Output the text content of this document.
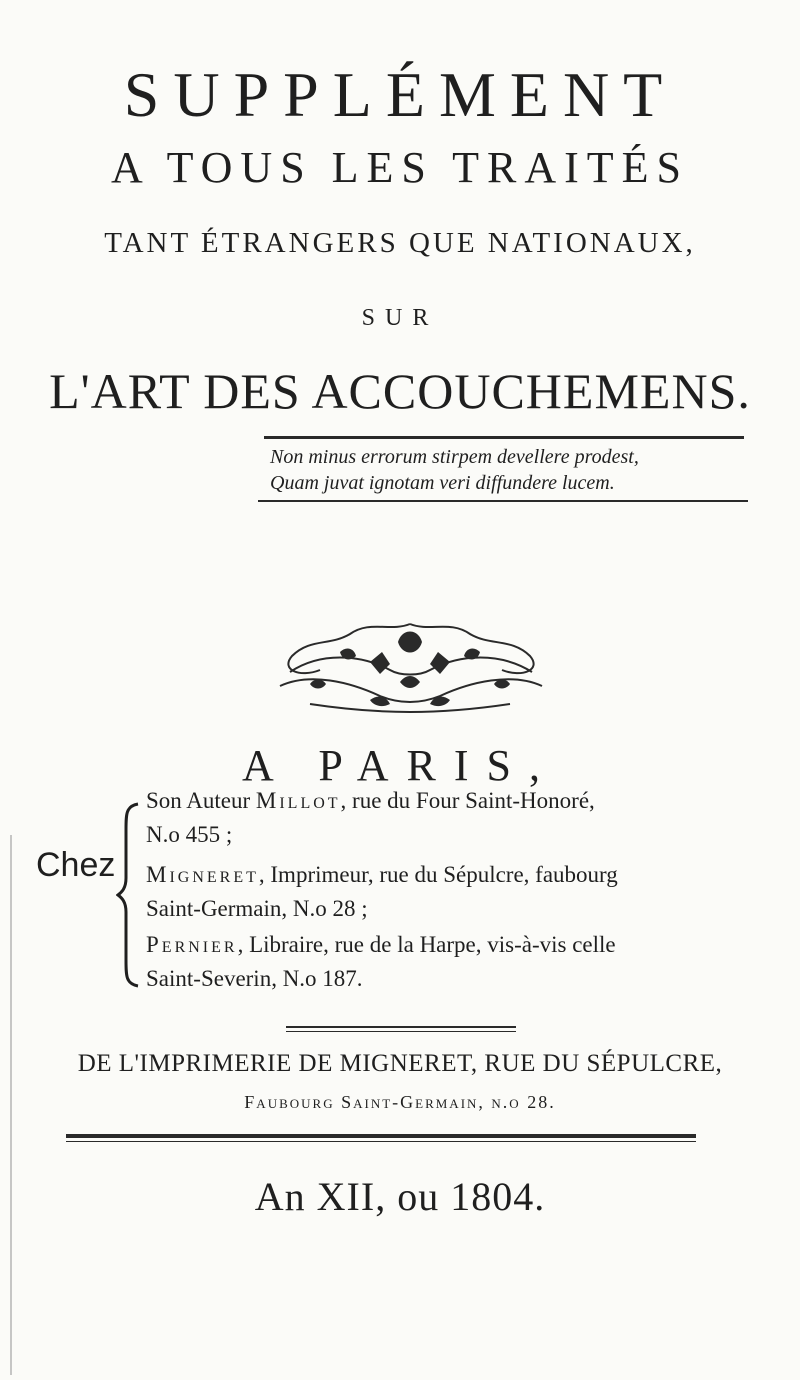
SUPPLÉMENT
A TOUS LES TRAITÉS
TANT ÉTRANGERS QUE NATIONAUX,
SUR
L'ART DES ACCOUCHEMENS.
Non minus errorum stirpem devellere prodest,
Quam juvat ignotam veri diffundere lucem.
A PARIS,
Chez
Son Auteur Millot, rue du Four Saint-Honoré,
N.o 455 ;
Migneret, Imprimeur, rue du Sépulcre, faubourg
Saint-Germain, N.o 28 ;
Pernier, Libraire, rue de la Harpe, vis-à-vis celle
Saint-Severin, N.o 187.
DE L'IMPRIMERIE DE MIGNERET, RUE DU SÉPULCRE,
Faubourg Saint-Germain, n.o 28.
An XII, ou 1804.
